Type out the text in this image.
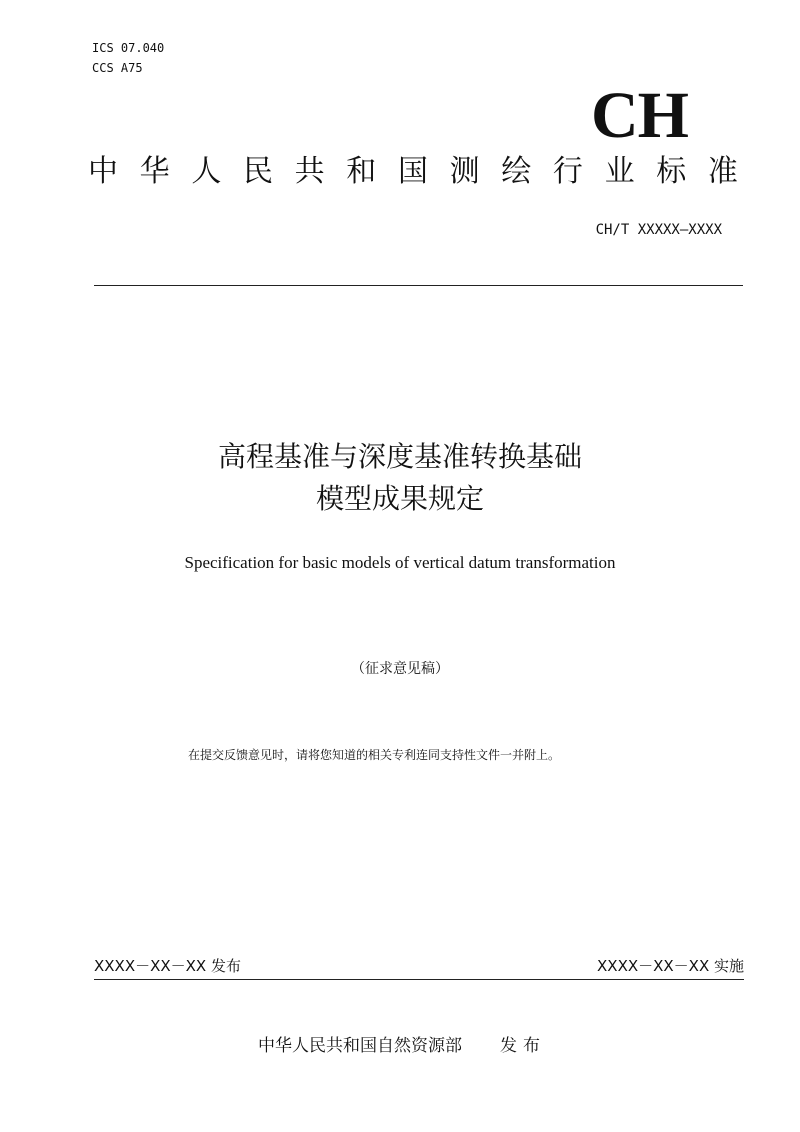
ICS 07.040
CCS A75
CH
中 华 人 民 共 和 国 测 绘 行 业 标 准
CH/T XXXXX—XXXX
高程基准与深度基准转换基础
模型成果规定
Specification for basic models of vertical datum transformation
（征求意见稿）
在提交反馈意见时，请将您知道的相关专利连同支持性文件一并附上。
XXXX－XX－XX 发布	XXXX－XX－XX 实施
中华人民共和国自然资源部 发布
